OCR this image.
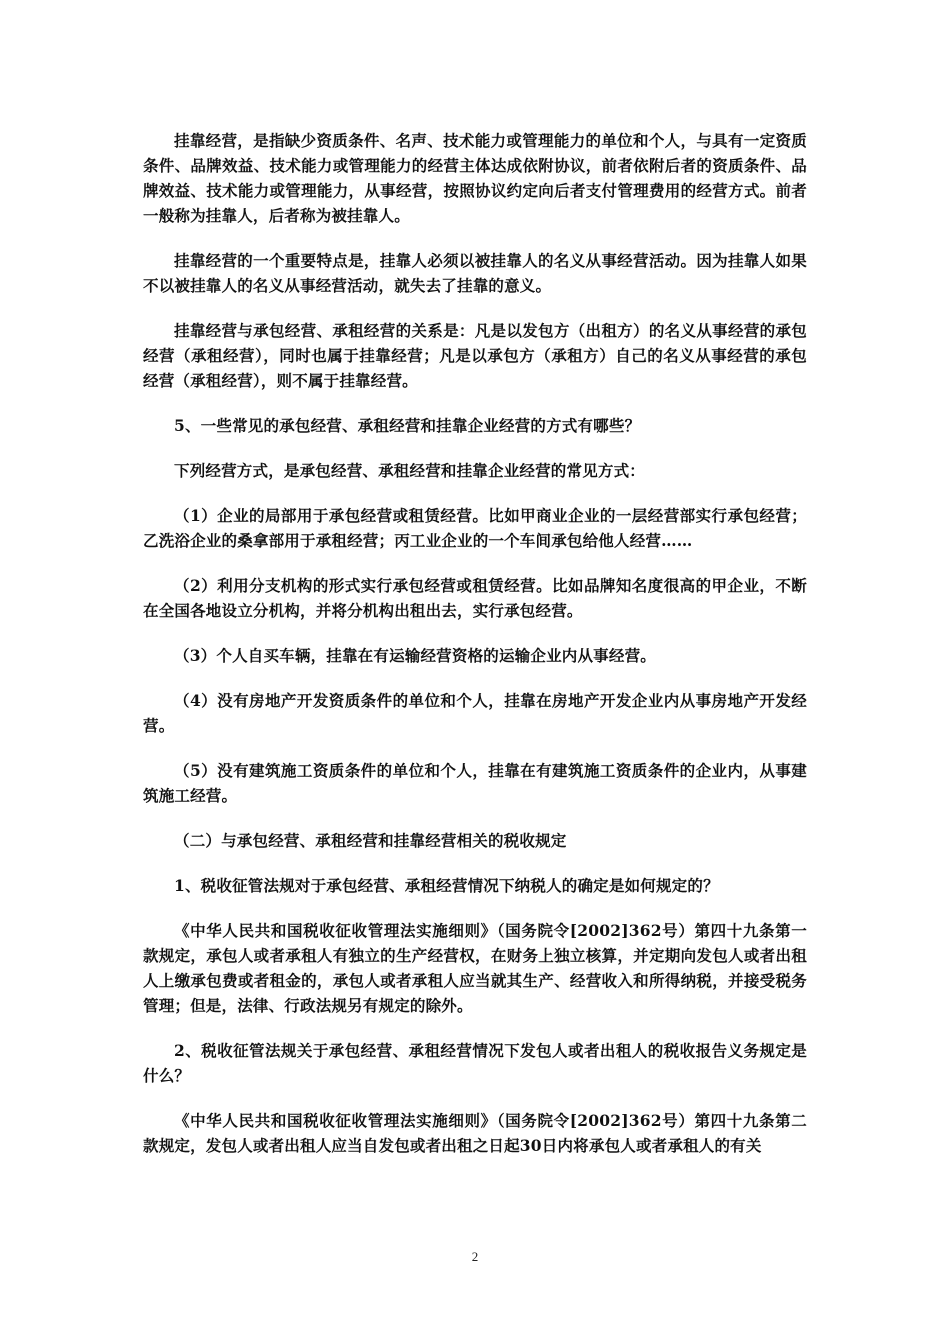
挂靠经营，是指缺少资质条件、名声、技术能力或管理能力的单位和个人，与具有一定资质条件、品牌效益、技术能力或管理能力的经营主体达成依附协议，前者依附后者的资质条件、品牌效益、技术能力或管理能力，从事经营，按照协议约定向后者支付管理费用的经营方式。前者一般称为挂靠人，后者称为被挂靠人。

挂靠经营的一个重要特点是，挂靠人必须以被挂靠人的名义从事经营活动。因为挂靠人如果不以被挂靠人的名义从事经营活动，就失去了挂靠的意义。

挂靠经营与承包经营、承租经营的关系是：凡是以发包方（出租方）的名义从事经营的承包经营（承租经营），同时也属于挂靠经营；凡是以承包方（承租方）自己的名义从事经营的承包经营（承租经营），则不属于挂靠经营。

5、一些常见的承包经营、承租经营和挂靠企业经营的方式有哪些？

下列经营方式，是承包经营、承租经营和挂靠企业经营的常见方式：

（1）企业的局部用于承包经营或租赁经营。比如甲商业企业的一层经营部实行承包经营；乙洗浴企业的桑拿部用于承租经营；丙工业企业的一个车间承包给他人经营……

（2）利用分支机构的形式实行承包经营或租赁经营。比如品牌知名度很高的甲企业，不断在全国各地设立分机构，并将分机构出租出去，实行承包经营。

（3）个人自买车辆，挂靠在有运输经营资格的运输企业内从事经营。

（4）没有房地产开发资质条件的单位和个人，挂靠在房地产开发企业内从事房地产开发经营。

（5）没有建筑施工资质条件的单位和个人，挂靠在有建筑施工资质条件的企业内，从事建筑施工经营。

（二）与承包经营、承租经营和挂靠经营相关的税收规定

1、税收征管法规对于承包经营、承租经营情况下纳税人的确定是如何规定的？

《中华人民共和国税收征收管理法实施细则》（国务院令[2002]362号）第四十九条第一款规定，承包人或者承租人有独立的生产经营权，在财务上独立核算，并定期向发包人或者出租人上缴承包费或者租金的，承包人或者承租人应当就其生产、经营收入和所得纳税，并接受税务管理；但是，法律、行政法规另有规定的除外。

2、税收征管法规关于承包经营、承租经营情况下发包人或者出租人的税收报告义务规定是什么？

《中华人民共和国税收征收管理法实施细则》（国务院令[2002]362号）第四十九条第二款规定，发包人或者出租人应当自发包或者出租之日起30日内将承包人或者承租人的有关

2
